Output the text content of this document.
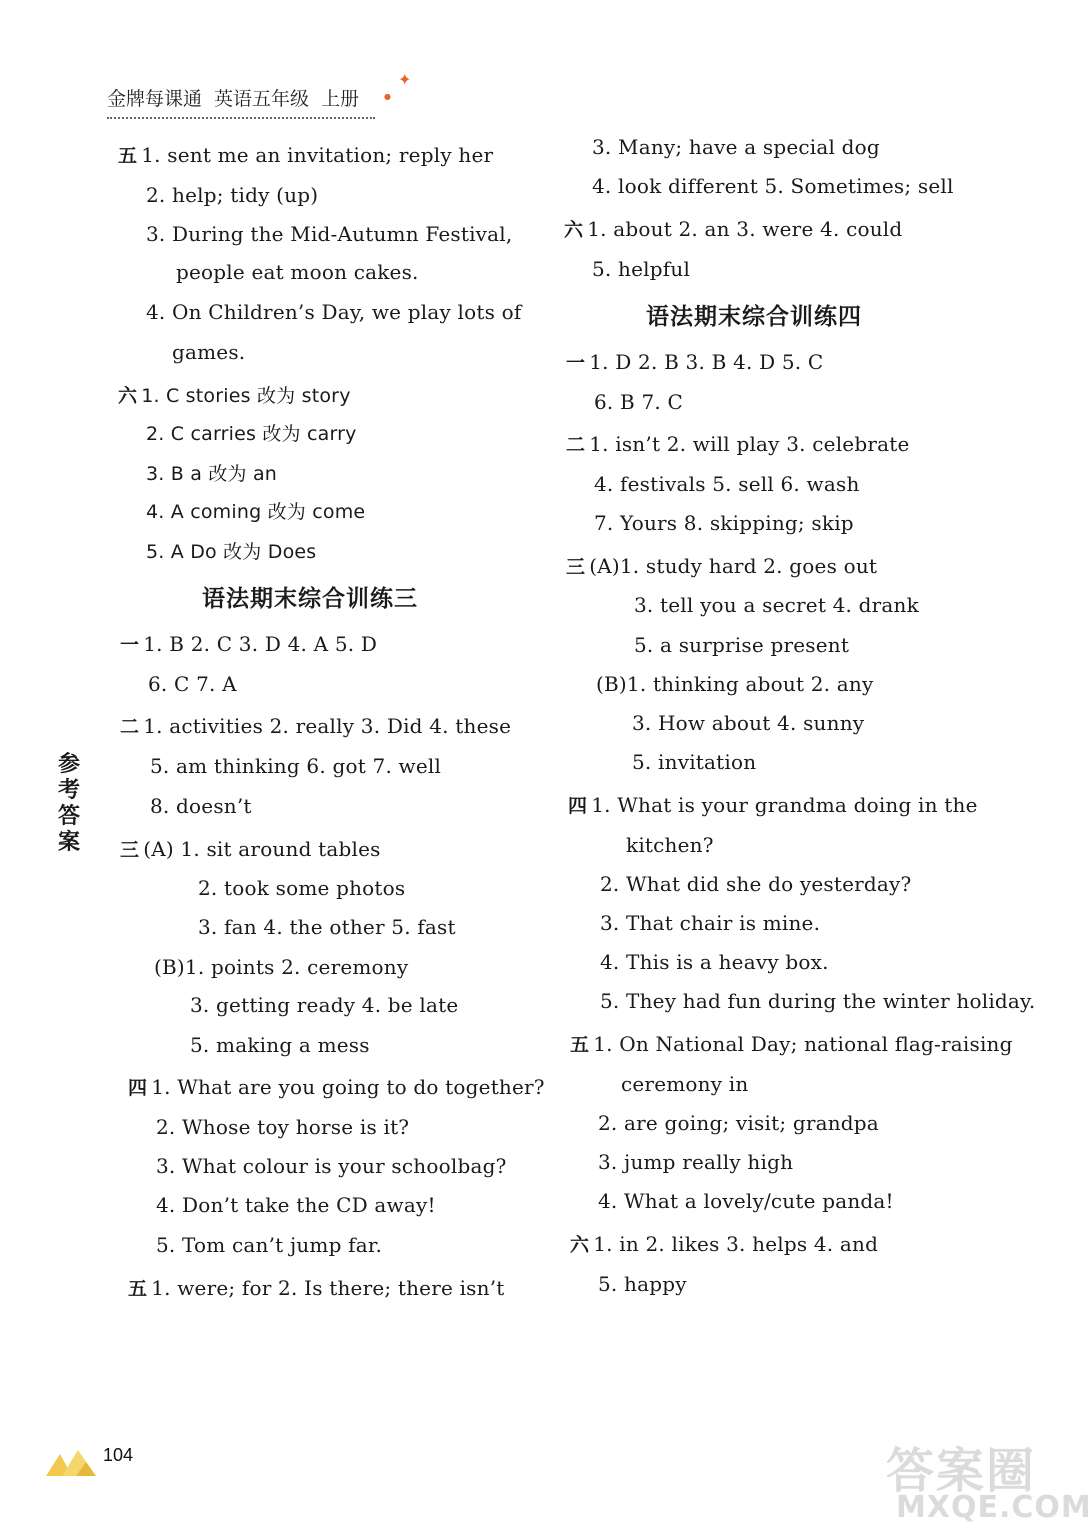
金牌每课通 英语五年级 上册
✦
●
五 1. sent me an invitation; reply her
2. help; tidy (up)
3. During the Mid-Autumn Festival,
people eat moon cakes.
4. On Children’s Day, we play lots of
games.
六 1. C stories 改为 story
2. C carries 改为 carry
3. B a 改为 an
4. A coming 改为 come
5. A Do 改为 Does
语法期末综合训练三
一 1. B 2. C 3. D 4. A 5. D
6. C 7. A
二 1. activities 2. really 3. Did 4. these
5. am thinking 6. got 7. well
8. doesn’t
三 (A) 1. sit around tables
2. took some photos
3. fan 4. the other 5. fast
(B)1. points 2. ceremony
3. getting ready 4. be late
5. making a mess
四 1. What are you going to do together?
2. Whose toy horse is it?
3. What colour is your schoolbag?
4. Don’t take the CD away!
5. Tom can’t jump far.
五 1. were; for 2. Is there; there isn’t
3. Many; have a special dog
4. look different 5. Sometimes; sell
六 1. about 2. an 3. were 4. could
5. helpful
语法期末综合训练四
一 1. D 2. B 3. B 4. D 5. C
6. B 7. C
二 1. isn’t 2. will play 3. celebrate
4. festivals 5. sell 6. wash
7. Yours 8. skipping; skip
三 (A)1. study hard 2. goes out
3. tell you a secret 4. drank
5. a surprise present
(B)1. thinking about 2. any
3. How about 4. sunny
5. invitation
四 1. What is your grandma doing in the
kitchen?
2. What did she do yesterday?
3. That chair is mine.
4. This is a heavy box.
5. They had fun during the winter holiday.
五 1. On National Day; national flag-raising
ceremony in
2. are going; visit; grandpa
3. jump really high
4. What a lovely/cute panda!
六 1. in 2. likes 3. helps 4. and
5. happy
参
考
答
案
104	答案圈
MXQE.COM
